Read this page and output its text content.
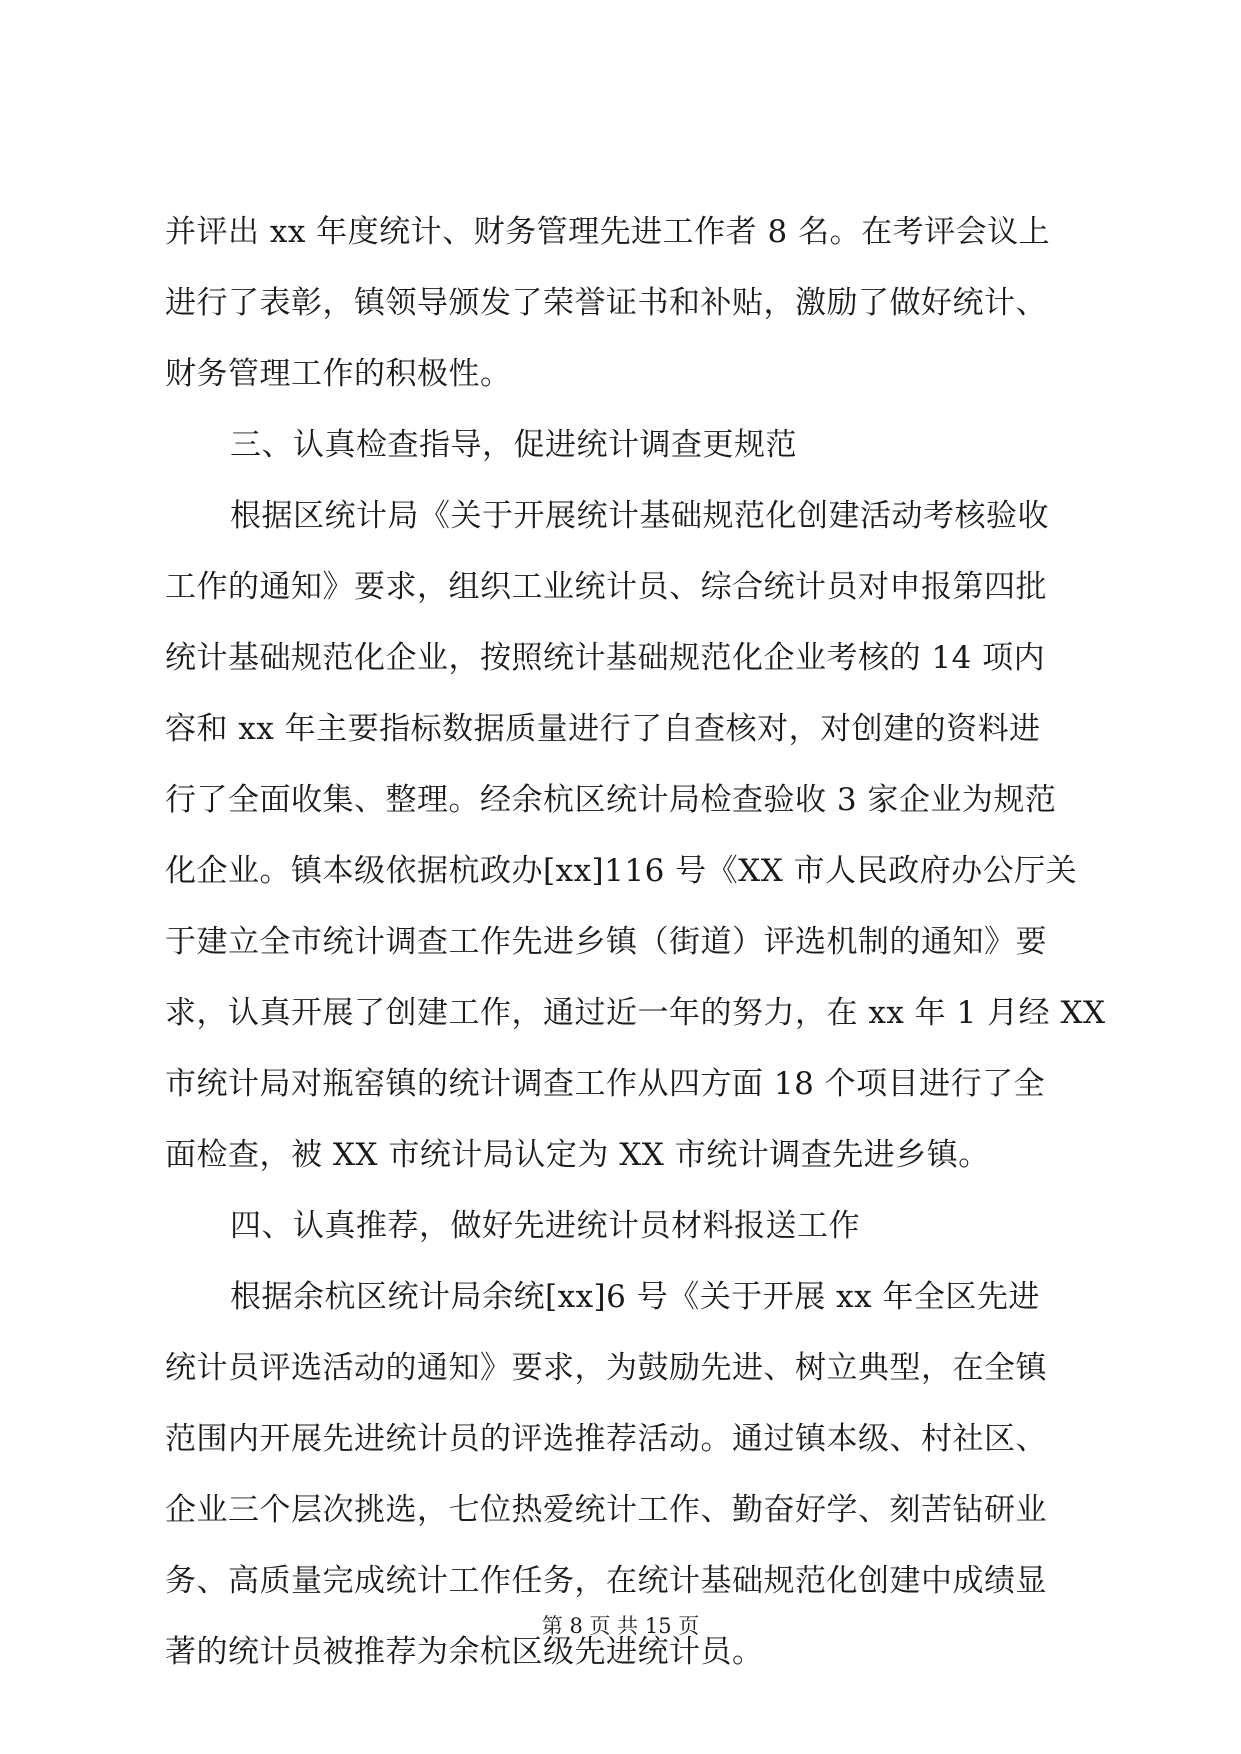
并评出 xx 年度统计、财务管理先进工作者 8 名。在考评会议上
进行了表彰，镇领导颁发了荣誉证书和补贴，激励了做好统计、
财务管理工作的积极性。
三、认真检查指导，促进统计调查更规范
根据区统计局《关于开展统计基础规范化创建活动考核验收
工作的通知》要求，组织工业统计员、综合统计员对申报第四批
统计基础规范化企业，按照统计基础规范化企业考核的 14 项内
容和 xx 年主要指标数据质量进行了自查核对，对创建的资料进
行了全面收集、整理。经余杭区统计局检查验收 3 家企业为规范
化企业。镇本级依据杭政办[xx]116 号《XX 市人民政府办公厅关
于建立全市统计调查工作先进乡镇（街道）评选机制的通知》要
求，认真开展了创建工作，通过近一年的努力，在 xx 年 1 月经 XX
市统计局对瓶窑镇的统计调查工作从四方面 18 个项目进行了全
面检查，被 XX 市统计局认定为 XX 市统计调查先进乡镇。
四、认真推荐，做好先进统计员材料报送工作
根据余杭区统计局余统[xx]6 号《关于开展 xx 年全区先进
统计员评选活动的通知》要求，为鼓励先进、树立典型，在全镇
范围内开展先进统计员的评选推荐活动。通过镇本级、村社区、
企业三个层次挑选，七位热爱统计工作、勤奋好学、刻苦钻研业
务、高质量完成统计工作任务，在统计基础规范化创建中成绩显
著的统计员被推荐为余杭区级先进统计员。
第 8 页 共 15 页
